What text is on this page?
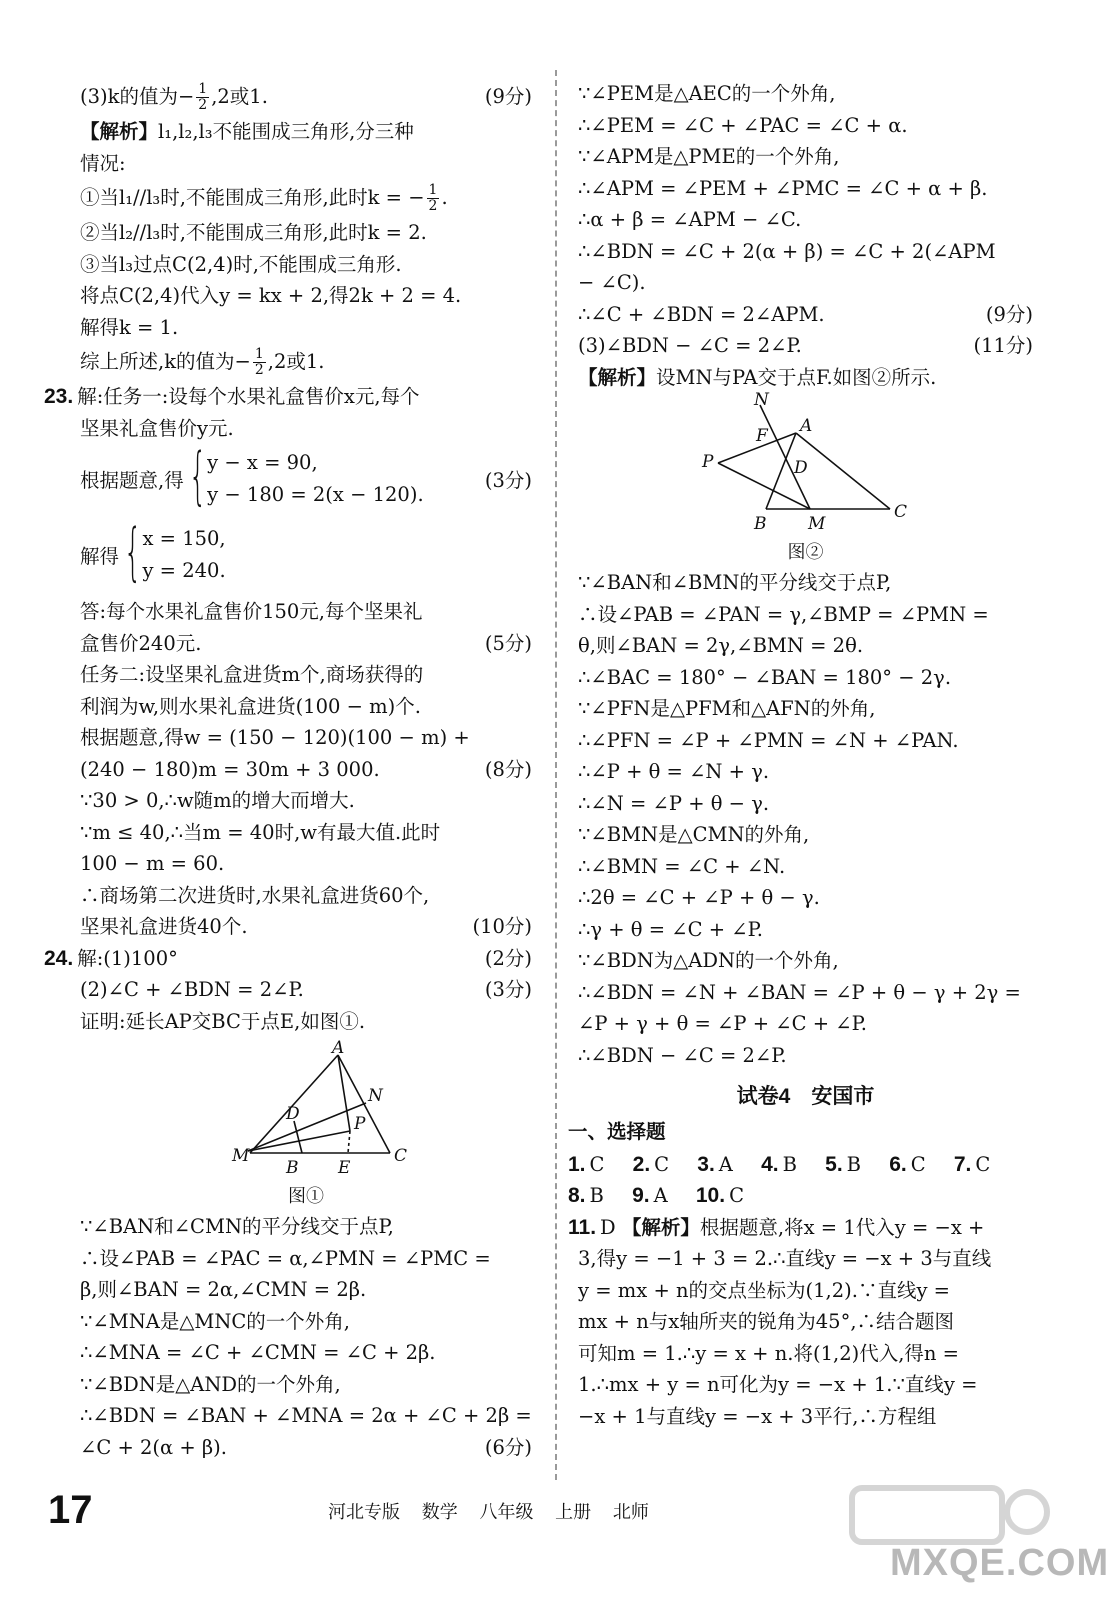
(3)k的值为− $\frac{1}{2} ,2$或1.	(9分)
【解析】l₁,l₂,l₃不能围成三角形,分三种
情况:
①当l₁//l₃时,不能围成三角形,此时k = − $\frac{1}{2}$ .
②当l₂//l₃时,不能围成三角形,此时k = 2.
③当l₃过点C(2,4)时,不能围成三角形.
将点C(2,4)代入y = kx + 2,得2k + 2 = 4.
解得k = 1.
综上所述,k的值为− $\frac{1}{2} ,2$或1.
23. 解:任务一:设每个水果礼盒售价x元,每个
坚果礼盒售价y元.
根据题意,得 { y − x = 90,
y − 180 = 2(x − 120).
(3分)
解得 { x = 150,
y = 240.
答:每个水果礼盒售价150元,每个坚果礼
盒售价240元.	(5分)
任务二:设坚果礼盒进货m个,商场获得的
利润为w,则水果礼盒进货(100 − m)个.
根据题意,得w = (150 − 120)(100 − m) +
(240 − 180)m = 30m + 3 000.	(8分)
∵30 > 0,∴w随m的增大而增大.
∵m ≤ 40,∴当m = 40时,w有最大值.此时
100 − m = 60.
∴商场第二次进货时,水果礼盒进货60个,
坚果礼盒进货40个.	(10分)
24. 解:(1)100°	(2分)
(2)∠C + ∠BDN = 2∠P.	(3分)
证明:延长AP交BC于点E,如图①.
A
N
D	P
M
B E
C
图①
∵∠BAN和∠CMN的平分线交于点P,
∴设∠PAB = ∠PAC = α,∠PMN = ∠PMC =
β,则∠BAN = 2α,∠CMN = 2β.
∵∠MNA是△MNC的一个外角,
∴∠MNA = ∠C + ∠CMN = ∠C + 2β.
∵∠BDN是△AND的一个外角,
∴∠BDN = ∠BAN + ∠MNA = 2α + ∠C + 2β =
∠C + 2(α + β).	(6分)
∵∠PEM是△AEC的一个外角,
∴∠PEM = ∠C + ∠PAC = ∠C + α.
∵∠APM是△PME的一个外角,
∴∠APM = ∠PEM + ∠PMC = ∠C + α + β.
∴α + β = ∠APM − ∠C.
∴∠BDN = ∠C + 2(α + β) = ∠C + 2(∠APM
− ∠C).
∴∠C + ∠BDN = 2∠APM.	(9分)
(3)∠BDN − ∠C = 2∠P.	(11分)
【解析】设MN与PA交于点F.如图②所示.
N
F A
P	D
B M
C
图②
∵∠BAN和∠BMN的平分线交于点P,
∴设∠PAB = ∠PAN = γ,∠BMP = ∠PMN =
θ,则∠BAN = 2γ,∠BMN = 2θ.
∴∠BAC = 180° − ∠BAN = 180° − 2γ.
∵∠PFN是△PFM和△AFN的外角,
∴∠PFN = ∠P + ∠PMN = ∠N + ∠PAN.
∴∠P + θ = ∠N + γ.
∴∠N = ∠P + θ − γ.
∵∠BMN是△CMN的外角,
∴∠BMN = ∠C + ∠N.
∴2θ = ∠C + ∠P + θ − γ.
∴γ + θ = ∠C + ∠P.
∵∠BDN为△ADN的一个外角,
∴∠BDN = ∠N + ∠BAN = ∠P + θ − γ + 2γ =
∠P + γ + θ = ∠P + ∠C + ∠P.
∴∠BDN − ∠C = 2∠P.
试卷4　安国市
一、选择题
1. C 2. C 3. A 4. B 5. B 6. C 7. C
8. B 9. A 10. C
11. D 【解析】根据题意,将x = 1代入y = −x +
3,得y = −1 + 3 = 2.∴直线y = −x + 3与直线
y = mx + n的交点坐标为(1,2).∵直线y =
mx + n与x轴所夹的锐角为45°,∴结合题图
可知m = 1.∴y = x + n.将(1,2)代入,得n =
1.∴mx + y = n可化为y = −x + 1.∵直线y =
−x + 1与直线y = −x + 3平行,∴方程组
17	河北专版 数学 八年级 上册 北师
MXQE.COM
